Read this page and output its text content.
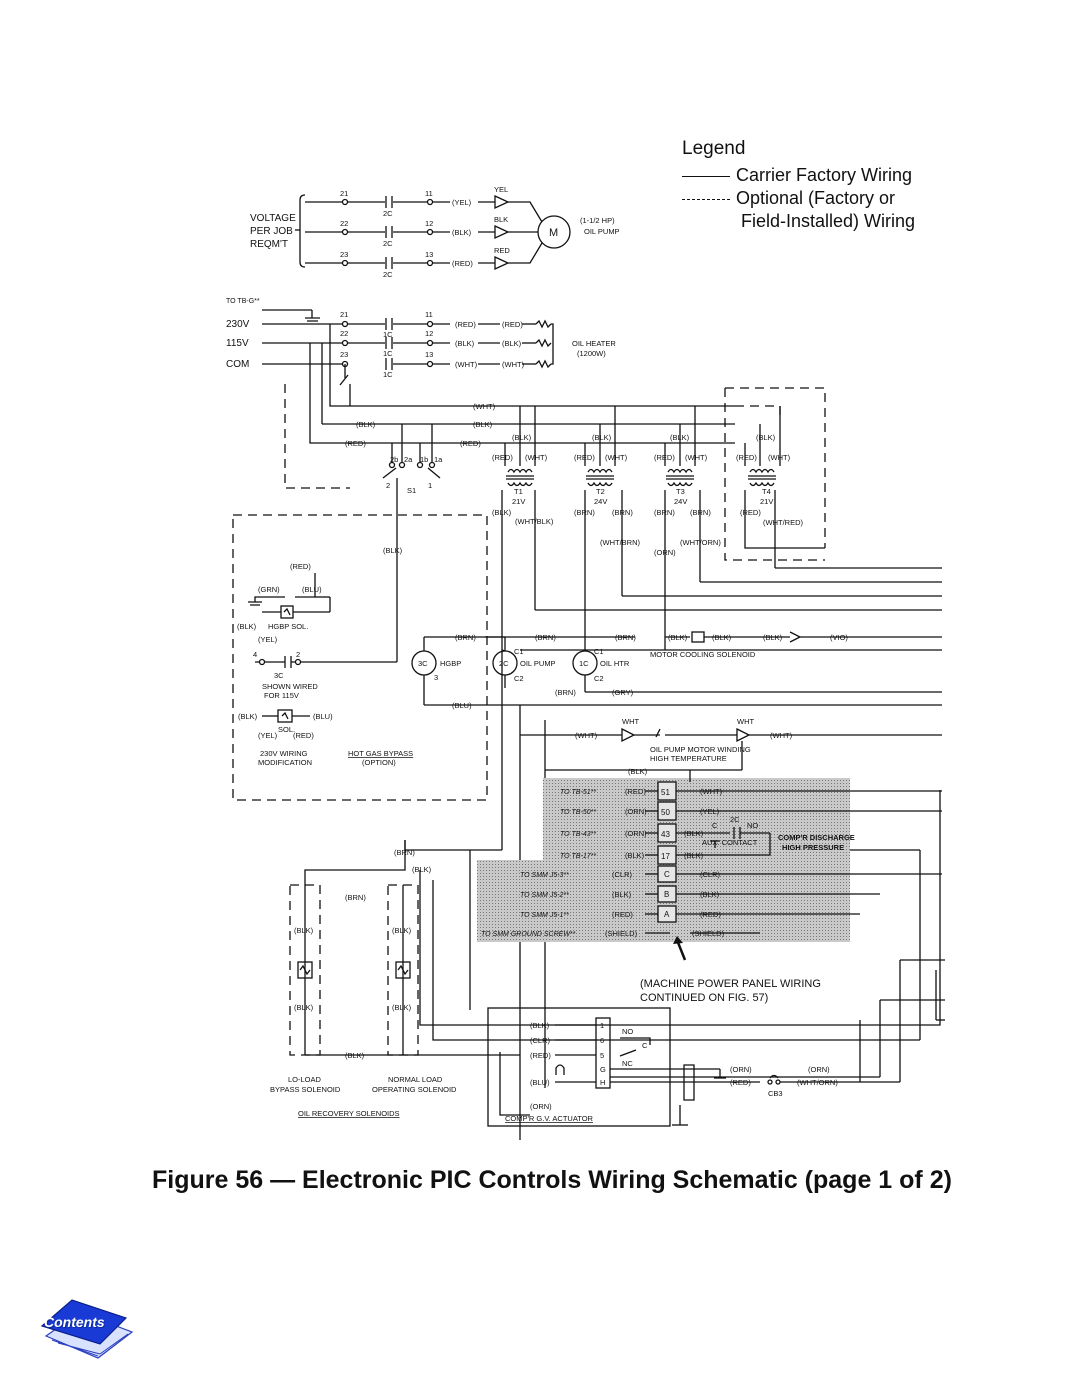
VOLTAGE
PER JOB
REQM'T
21
22
23
11
12
13
2C
2C
2C
(YEL)
(BLK)
(RED)
YEL
BLK
RED
M
(1-1/2 HP)
OIL PUMP
TO TB-G**
230V
115V
COM
21
22
23
11
12
13
1C
1C
1C
(RED)
(BLK)
(WHT)
(RED)
(BLK)
(WHT)
OIL HEATER
(1200W)
(WHT)
(BLK)	(BLK)
(RED)	(RED)
2b 2a 1b 1a
S1
2	1
(BLK)
(RED) (WHT)
T1
21V
(BLK)
(WHT/BLK)
(BLK)
(RED) (WHT)
T2
24V
(BRN) (BRN)
(WHT/BRN)
(BLK)
(RED) (WHT)
T3
24V
(BRN) (BRN)
(WHT/ORN)
(ORN)
(BLK)
(RED) (WHT)
T4
21V
(RED)
(WHT/RED)
(BLK)
(RED)
(GRN)	(BLU)
(BLK) HGBP SOL.
(YEL)
4	2
3C
SHOWN WIRED
FOR 115V
(BLK)	(BLU)
SOL.
(YEL) (RED)
230V WIRING
MODIFICATION
HOT GAS BYPASS
(OPTION)
3C HGBP
3
2C OIL PUMP	1C OIL HTR
C1
C2
C1
C2
(BRN)	(BRN)	(BRN)	(BLK)	(BLK)	(BLK)	(VIO)
(GRY)
(BRN)
(BLU)
MOTOR COOLING SOLENOID
WHT	WHT
(WHT)	(WHT)
OIL PUMP MOTOR WINDING
HIGH TEMPERATURE
(BLK)
TO TB-51**
TO TB-50**
TO TB-43**
TO TB-17**
TO SMM J5-3**
TO SMM J5-2**
TO SMM J5-1**
TO SMM GROUND SCREW**
(RED)
(ORN)
(ORN)
(BLK)
(CLR)
(BLK)
(RED)
(SHIELD)
51
50
43
17
C
B
A
(WHT)
(YEL)
(BLK)
(BLK)
(CLR)
(BLK)
(RED)
(SHIELD)
C
2C
NO
AUX. CONTACT
COMP'R DISCHARGE
HIGH PRESSURE
(BRN)
(BLK)
(BRN)
(BLK)	(BLK)
(BLK)	(BLK)
(BLK)
LO-LOAD
BYPASS SOLENOID
NORMAL LOAD
OPERATING SOLENOID
OIL RECOVERY SOLENOIDS
(BLK)
(CLR)
(RED)
(BLU)
(ORN)
1
6
5
G
H
NO
C
NC
(ORN)	(ORN)
(RED)	(WHT/ORN)
CB3
COMP'R G.V. ACTUATOR
(MACHINE POWER PANEL WIRING
CONTINUED ON FIG. 57)
Legend
Carrier Factory Wiring
Optional (Factory or
Field-Installed) Wiring
Figure 56 — Electronic PIC Controls Wiring Schematic (page 1 of 2)
Contents
